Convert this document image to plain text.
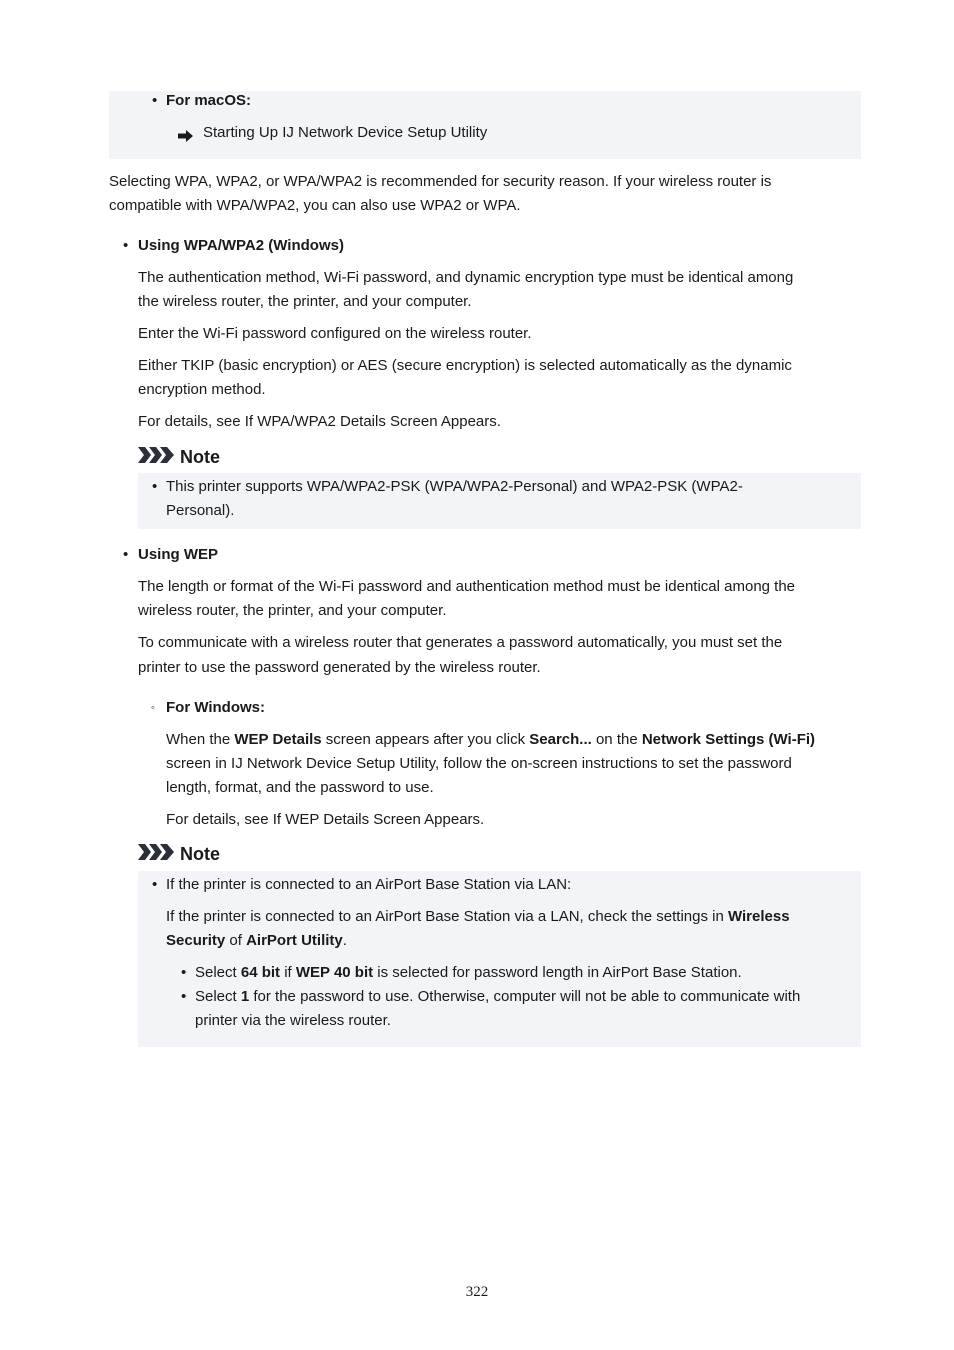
• For macOS:

Starting Up IJ Network Device Setup Utility

Selecting WPA, WPA2, or WPA/WPA2 is recommended for security reason. If your wireless router is

compatible with WPA/WPA2, you can also use WPA2 or WPA.

• Using WPA/WPA2 (Windows)

The authentication method, Wi-Fi password, and dynamic encryption type must be identical among

the wireless router, the printer, and your computer.

Enter the Wi-Fi password configured on the wireless router.

Either TKIP (basic encryption) or AES (secure encryption) is selected automatically as the dynamic

encryption method.

For details, see If WPA/WPA2 Details Screen Appears.

Note
• This printer supports WPA/WPA2-PSK (WPA/WPA2-Personal) and WPA2-PSK (WPA2-

Personal).

• Using WEP

The length or format of the Wi-Fi password and authentication method must be identical among the

wireless router, the printer, and your computer.

To communicate with a wireless router that generates a password automatically, you must set the

printer to use the password generated by the wireless router.

◦ For Windows:

When the WEP Details screen appears after you click Search... on the Network Settings (Wi-Fi)

screen in IJ Network Device Setup Utility, follow the on-screen instructions to set the password

length, format, and the password to use.

For details, see If WEP Details Screen Appears.

Note
• If the printer is connected to an AirPort Base Station via LAN:

If the printer is connected to an AirPort Base Station via a LAN, check the settings in Wireless

Security of AirPort Utility.

• Select 64 bit if WEP 40 bit is selected for password length in AirPort Base Station.

• Select 1 for the password to use. Otherwise, computer will not be able to communicate with

printer via the wireless router.

322
